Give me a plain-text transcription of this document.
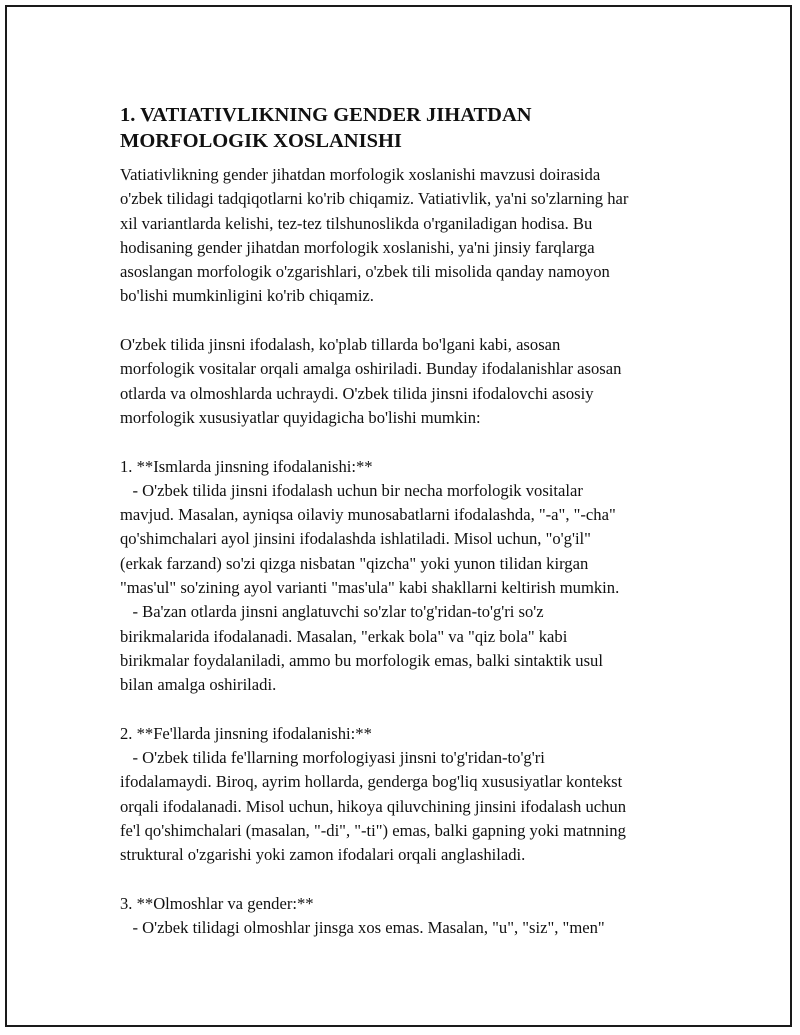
1. VATIATIVLIKNING GENDER JIHATDAN
MORFOLOGIK XOSLANISHI

Vatiativlikning gender jihatdan morfologik xoslanishi mavzusi doirasida
o'zbek tilidagi tadqiqotlarni ko'rib chiqamiz. Vatiativlik, ya'ni so'zlarning har
xil variantlarda kelishi, tez-tez tilshunoslikda o'rganiladigan hodisa. Bu
hodisaning gender jihatdan morfologik xoslanishi, ya'ni jinsiy farqlarga
asoslangan morfologik o'zgarishlari, o'zbek tili misolida qanday namoyon
bo'lishi mumkinligini ko'rib chiqamiz.

O'zbek tilida jinsni ifodalash, ko'plab tillarda bo'lgani kabi, asosan
morfologik vositalar orqali amalga oshiriladi. Bunday ifodalanishlar asosan
otlarda va olmoshlarda uchraydi. O'zbek tilida jinsni ifodalovchi asosiy
morfologik xususiyatlar quyidagicha bo'lishi mumkin:

1. **Ismlarda jinsning ifodalanishi:**
- O'zbek tilida jinsni ifodalash uchun bir necha morfologik vositalar
mavjud. Masalan, ayniqsa oilaviy munosabatlarni ifodalashda, "-a", "-cha"
qo'shimchalari ayol jinsini ifodalashda ishlatiladi. Misol uchun, "o'g'il"
(erkak farzand) so'zi qizga nisbatan "qizcha" yoki yunon tilidan kirgan
"mas'ul" so'zining ayol varianti "mas'ula" kabi shakllarni keltirish mumkin.
- Ba'zan otlarda jinsni anglatuvchi so'zlar to'g'ridan-to'g'ri so'z
birikmalarida ifodalanadi. Masalan, "erkak bola" va "qiz bola" kabi
birikmalar foydalaniladi, ammo bu morfologik emas, balki sintaktik usul
bilan amalga oshiriladi.

2. **Fe'llarda jinsning ifodalanishi:**
- O'zbek tilida fe'llarning morfologiyasi jinsni to'g'ridan-to'g'ri
ifodalamaydi. Biroq, ayrim hollarda, genderga bog'liq xususiyatlar kontekst
orqali ifodalanadi. Misol uchun, hikoya qiluvchining jinsini ifodalash uchun
fe'l qo'shimchalari (masalan, "-di", "-ti") emas, balki gapning yoki matnning
struktural o'zgarishi yoki zamon ifodalari orqali anglashiladi.

3. **Olmoshlar va gender:**
- O'zbek tilidagi olmoshlar jinsga xos emas. Masalan, "u", "siz", "men"
